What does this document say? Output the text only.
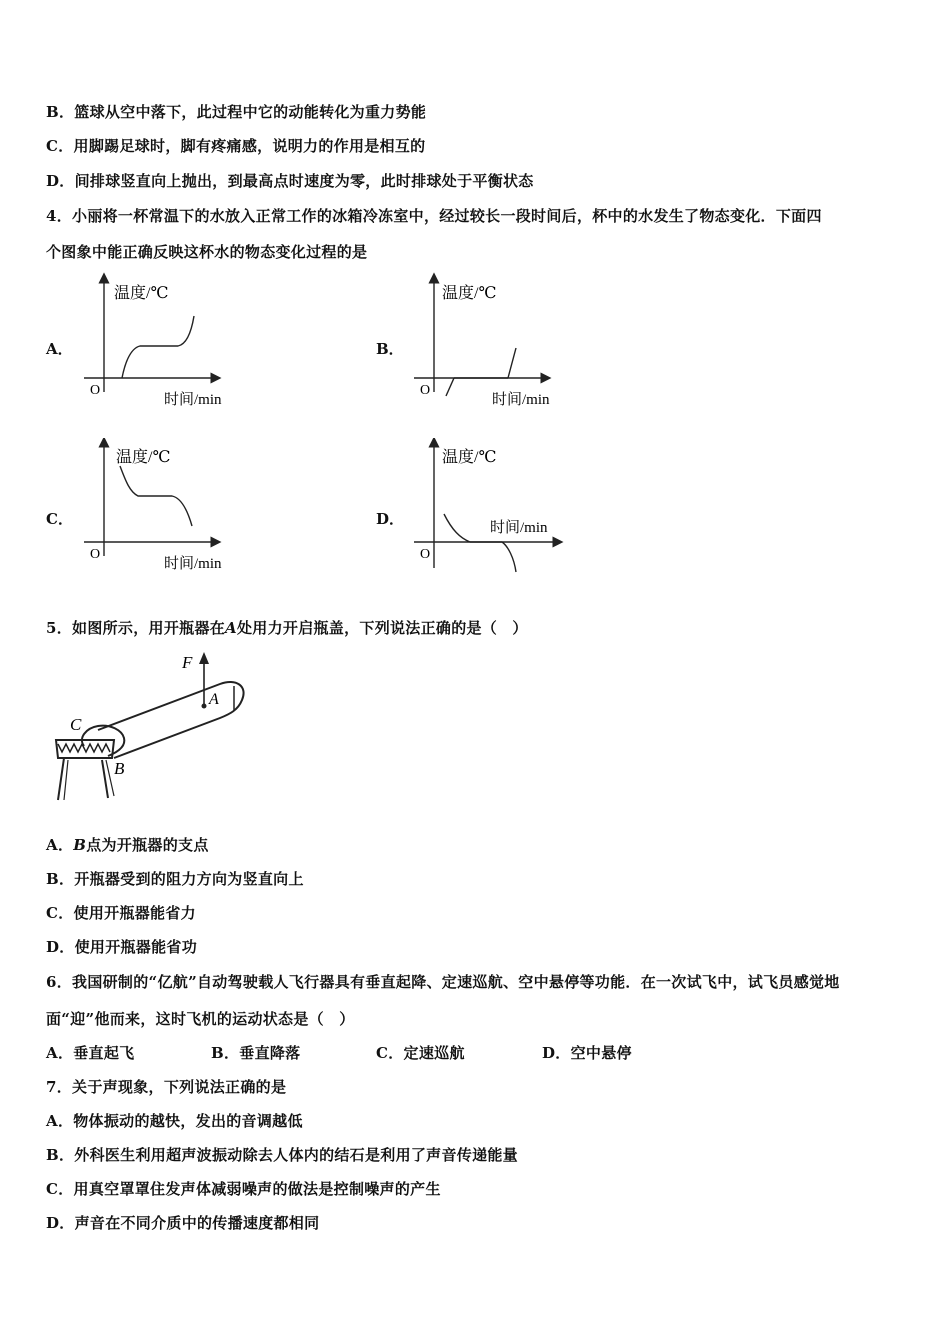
B．篮球从空中落下，此过程中它的动能转化为重力势能
C．用脚踢足球时，脚有疼痛感，说明力的作用是相互的
D．间排球竖直向上抛出，到最高点时速度为零，此时排球处于平衡状态
4．小丽将一杯常温下的水放入正常工作的冰箱冷冻室中，经过较长一段时间后，杯中的水发生了物态变化．下面四
个图象中能正确反映这杯水的物态变化过程的是
A．	B．
C．	D．
温度/℃
O
时间/min
温度/℃
O
时间/min
温度/℃
O
时间/min
温度/℃
O
时间/min
5．如图所示，用开瓶器在A处用力开启瓶盖，下列说法正确的是（　）
F
A
C
B
A．B点为开瓶器的支点
B．开瓶器受到的阻力方向为竖直向上
C．使用开瓶器能省力
D．使用开瓶器能省功
6．我国研制的“亿航”自动驾驶载人飞行器具有垂直起降、定速巡航、空中悬停等功能．在一次试飞中，试飞员感觉地
面“迎”他而来，这时飞机的运动状态是（　）
A．垂直起飞	B．垂直降落	C．定速巡航	D．空中悬停
7．关于声现象，下列说法正确的是
A．物体振动的越快，发出的音调越低
B．外科医生利用超声波振动除去人体内的结石是利用了声音传递能量
C．用真空罩罩住发声体减弱噪声的做法是控制噪声的产生
D．声音在不同介质中的传播速度都相同
